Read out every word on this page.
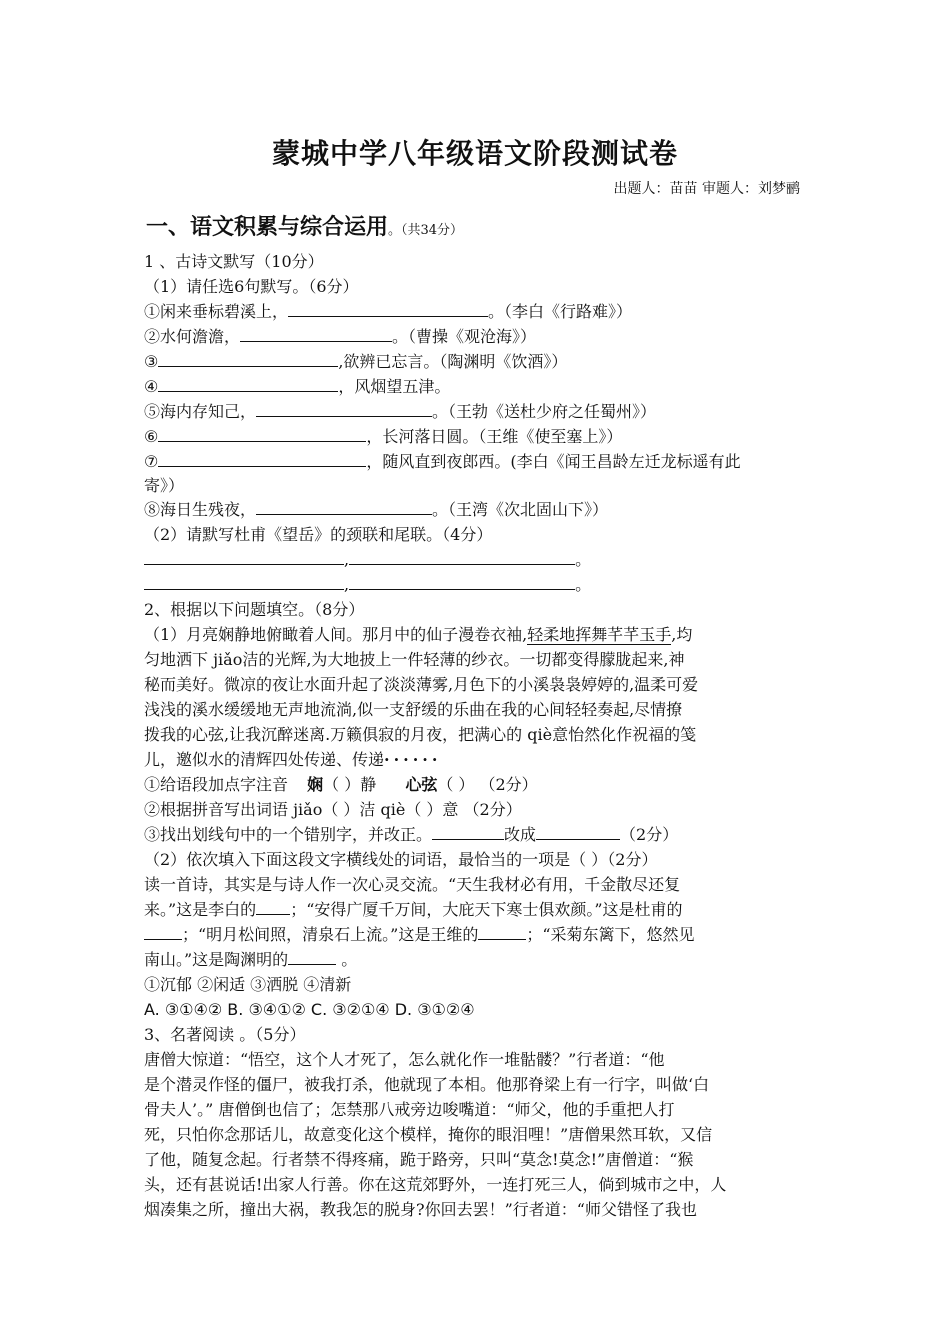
蒙城中学八年级语文阶段测试卷
出题人：苗苗 审题人：刘梦鹂
一、语文积累与综合运用。（共34分）
1 、古诗文默写（10分）
（1）请任选6句默写。（6分）
①闲来垂标碧溪上，	。（李白《行路难》）
②水何澹澹，	。（曹操《观沧海》）
③	,欲辨已忘言。（陶渊明《饮酒》）
④	，风烟望五津。
⑤海内存知己，	。（王勃《送杜少府之任蜀州》）
⑥	，长河落日圆。（王维《使至塞上》）
⑦	，随风直到夜郎西。(李白《闻王昌龄左迁龙标遥有此
寄》）
⑧海日生残夜，	。（王湾《次北固山下》）
（2）请默写杜甫《望岳》的颈联和尾联。（4分）
,	。
,	。
2、根据以下问题填空。（8分）
（1）月亮娴静地俯瞰着人间。那月中的仙子漫卷衣袖,轻柔地挥舞芊芊玉手,均
匀地洒下 jiǎo洁的光辉,为大地披上一件轻薄的纱衣。一切都变得朦胧起来,神
秘而美好。微凉的夜让水面升起了淡淡薄雾,月色下的小溪袅袅婷婷的,温柔可爱
浅浅的溪水缓缓地无声地流淌,似一支舒缓的乐曲在我的心间轻轻奏起,尽情撩
拨我的心弦,让我沉醉迷离.万籁俱寂的月夜，把满心的 qiè意怡然化作祝福的笺
儿，邀似水的清辉四处传递、传递······
①给语段加点字注音 娴（ ）静 心弦（ ） （2分）
②根据拼音写出词语 jiǎo（ ）洁 qiè（ ）意 （2分）
③找出划线句中的一个错别字，并改正。	改成	（2分）
（2）依次填入下面这段文字横线处的词语，最恰当的一项是（ ）（2分）
读一首诗，其实是与诗人作一次心灵交流。“天生我材必有用，千金散尽还复
来。”这是李白的 ；“安得广厦千万间，大庇天下寒士俱欢颜。”这是杜甫的
；“明月松间照，清泉石上流。”这是王维的	；“采菊东篱下，悠然见
南山。”这是陶渊明的	。
①沉郁 ②闲适 ③洒脱 ④清新
A. ③①④② B. ③④①② C. ③②①④ D. ③①②④
3、名著阅读 。（5分）
唐僧大惊道：“悟空，这个人才死了，怎么就化作一堆骷髅？”行者道：“他
是个潜灵作怪的僵尸，被我打杀，他就现了本相。他那脊梁上有一行字，叫做‘白
骨夫人’。” 唐僧倒也信了；怎禁那八戒旁边唆嘴道：“师父，他的手重把人打
死，只怕你念那话儿，故意变化这个模样，掩你的眼泪哩！”唐僧果然耳软，又信
了他，随复念起。行者禁不得疼痛，跪于路旁，只叫“莫念!莫念!”唐僧道：“猴
头，还有甚说话!出家人行善。你在这荒郊野外，一连打死三人，倘到城市之中，人
烟凑集之所，撞出大祸，教我怎的脱身?你回去罢！”行者道：“师父错怪了我也
